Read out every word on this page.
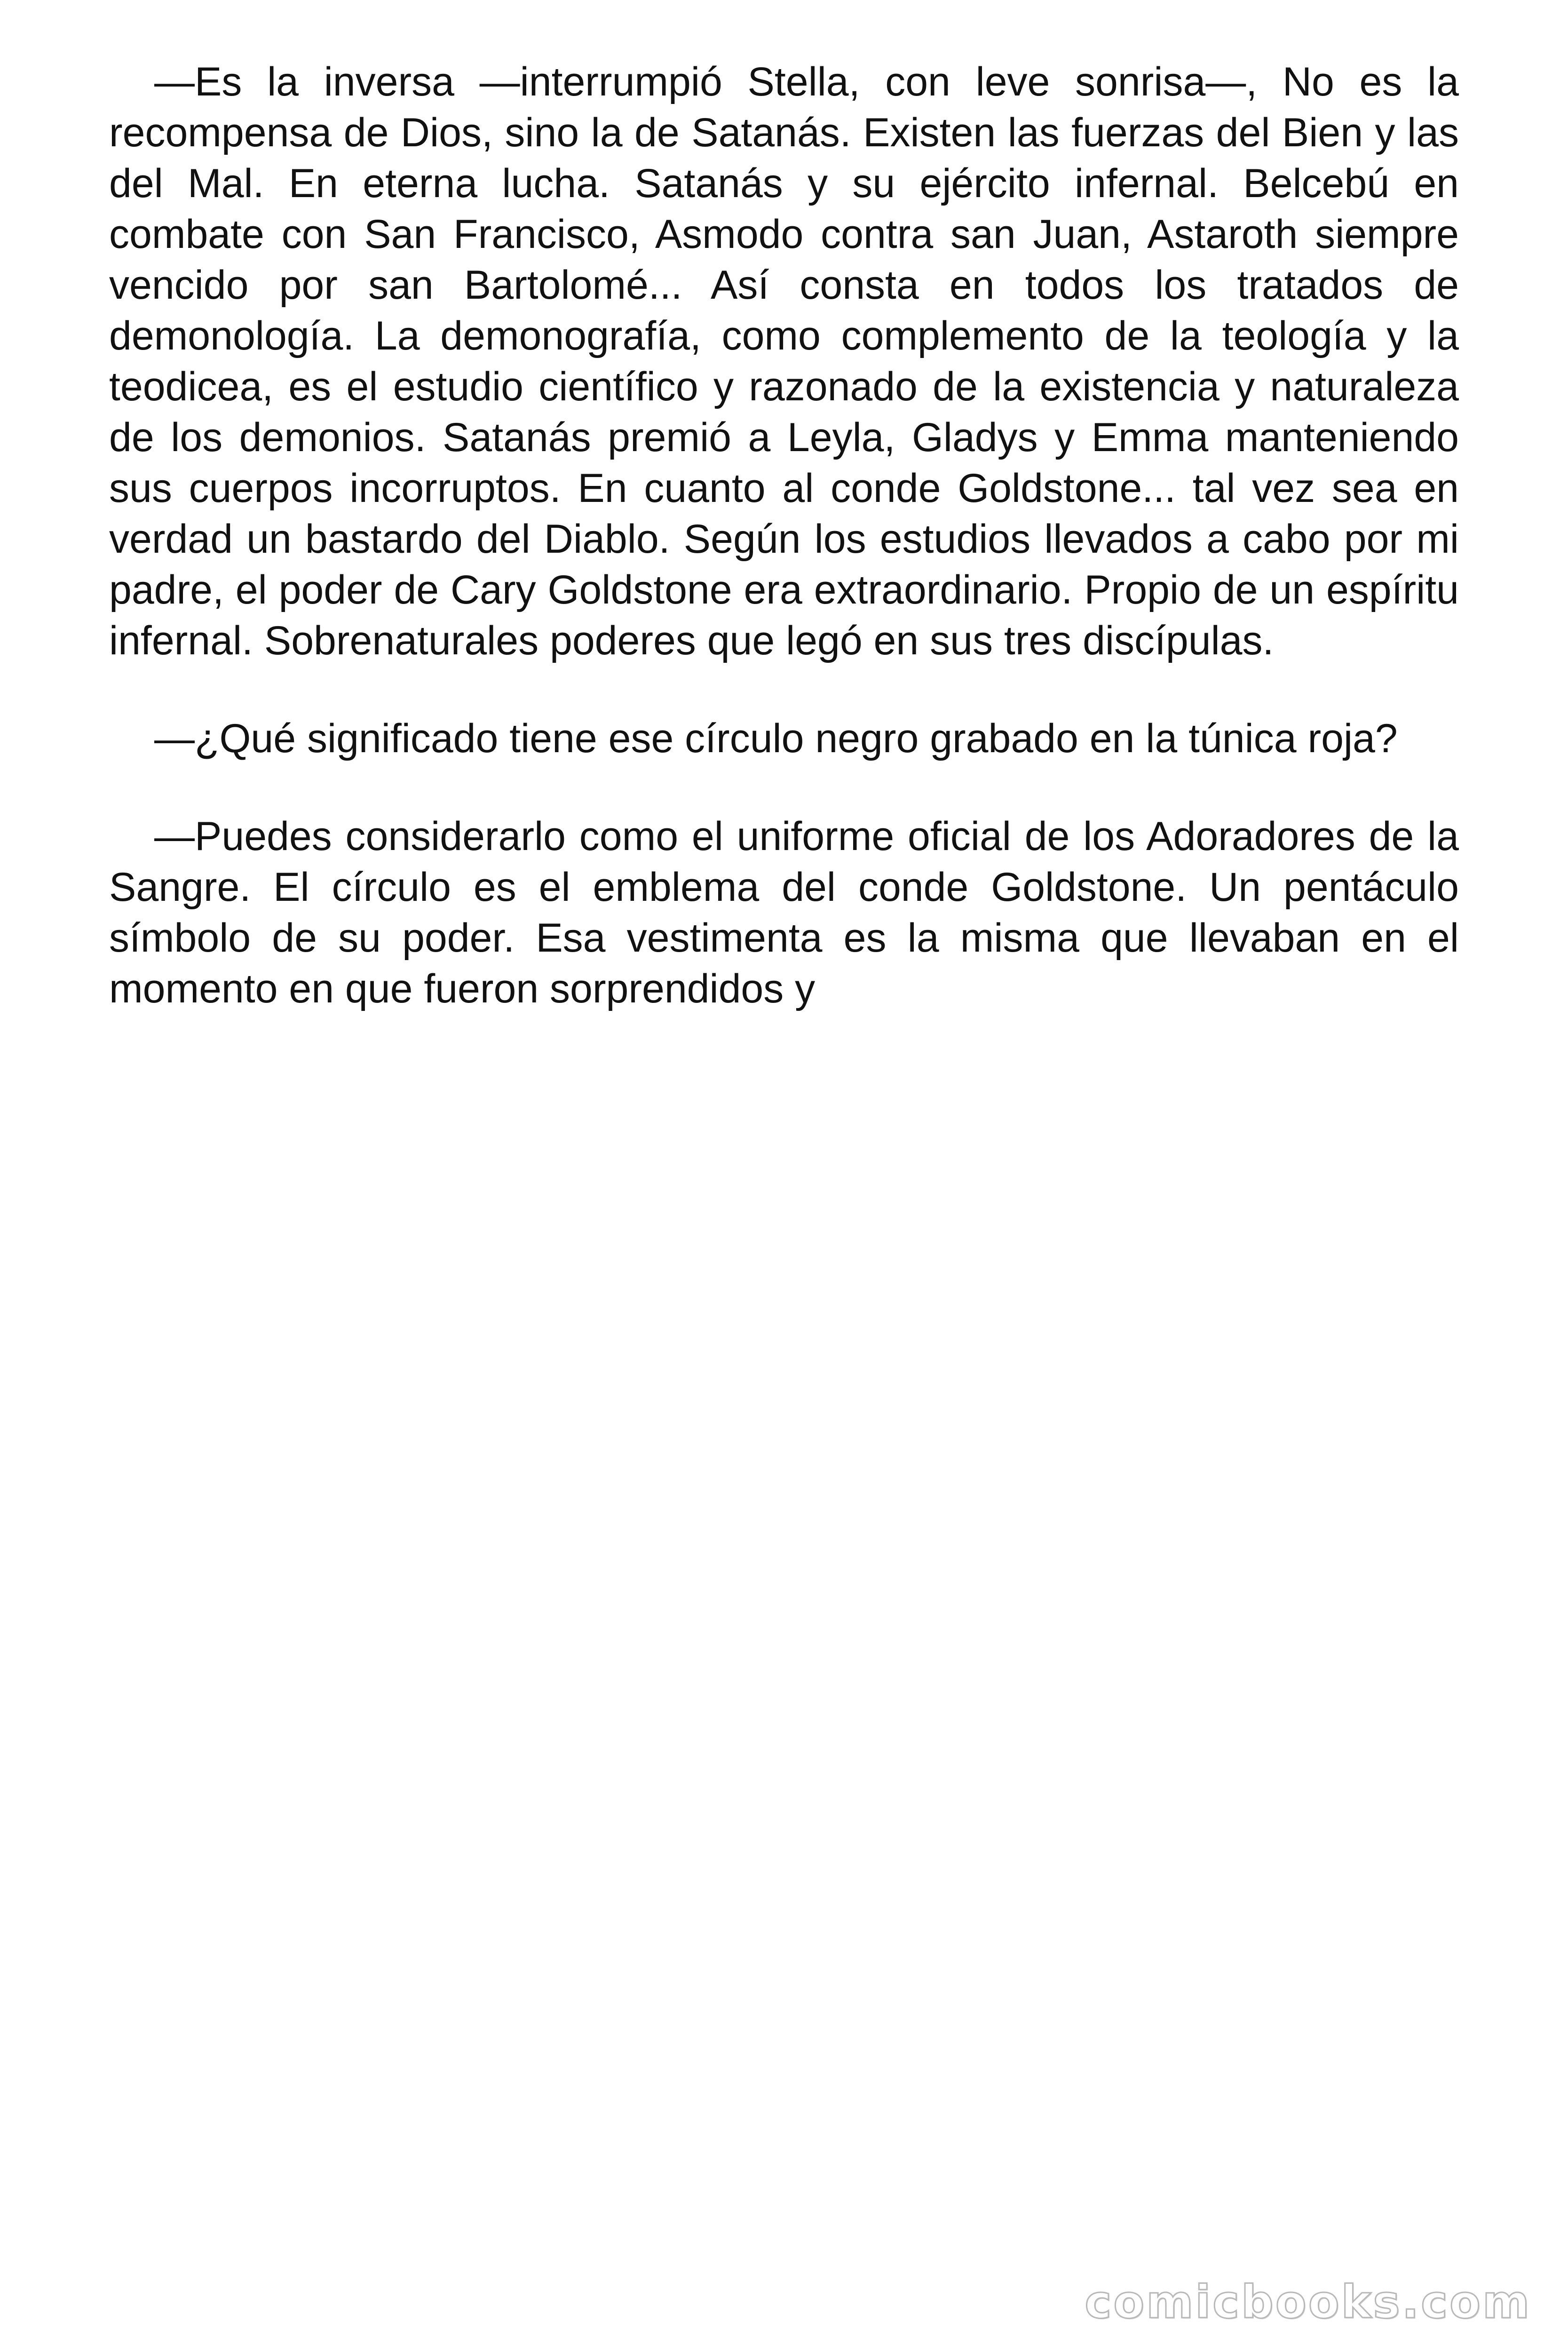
—Es la inversa —interrumpió Stella, con leve sonrisa—, No es la recompensa de Dios, sino la de Satanás. Existen las fuerzas del Bien y las del Mal. En eterna lucha. Satanás y su ejército infernal. Belcebú en combate con San Francisco, Asmodo contra san Juan, Astaroth siempre vencido por san Bartolomé... Así consta en todos los tratados de demonología. La demonografía, como complemento de la teología y la teodicea, es el estudio científico y razonado de la existencia y naturaleza de los demonios. Satanás premió a Leyla, Gladys y Emma manteniendo sus cuerpos incorruptos. En cuanto al conde Goldstone... tal vez sea en verdad un bastardo del Diablo. Según los estudios llevados a cabo por mi padre, el poder de Cary Goldstone era extraordinario. Propio de un espíritu infernal. Sobrenaturales poderes que legó en sus tres discípulas.

—¿Qué significado tiene ese círculo negro grabado en la túnica roja?

—Puedes considerarlo como el uniforme oficial de los Adoradores de la Sangre. El círculo es el emblema del conde Goldstone. Un pentáculo símbolo de su poder. Esa vestimenta es la misma que llevaban en el momento en que fueron sorprendidos y

comicbooks.com
